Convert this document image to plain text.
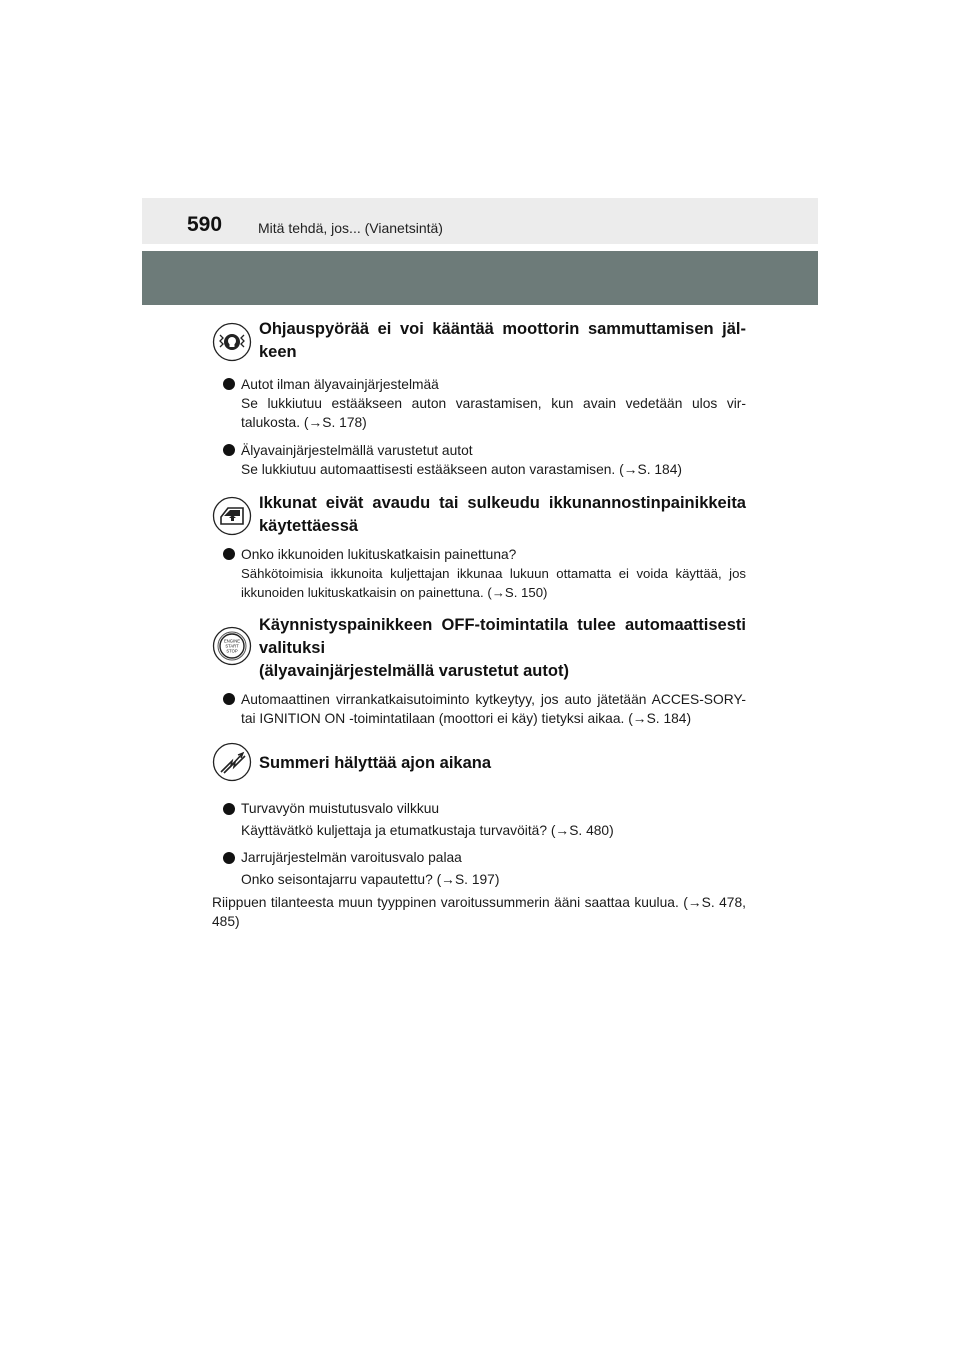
590	Mitä tehdä, jos... (Vianetsintä)

Ohjauspyörää ei voi kääntää moottorin sammuttamisen jäl-keen

Autot ilman älyavainjärjestelmää
Se lukkiutuu estääkseen auton varastamisen, kun avain vedetään ulos vir-talukosta. (→S. 178)
Älyavainjärjestelmällä varustetut autot
Se lukkiutuu automaattisesti estääkseen auton varastamisen. (→S. 184)

Ikkunat eivät avaudu tai sulkeudu ikkunannostinpainikkeita käytettäessä

Onko ikkunoiden lukituskatkaisin painettuna?
Sähkötoimisia ikkunoita kuljettajan ikkunaa lukuun ottamatta ei voida käyttää, jos ikkunoiden lukituskatkaisin on painettuna. (→S. 150)
ENGINE
START
STOP

Käynnistyspainikkeen OFF-toimintatila tulee automaattisesti valituksi

(älyavainjärjestelmällä varustetut autot)

Automaattinen virrankatkaisutoiminto kytkeytyy, jos auto jätetään ACCES-SORY- tai IGNITION ON -toimintatilaan (moottori ei käy) tietyksi aikaa. (→S. 184)

Summeri hälyttää ajon aikana

Turvavyön muistutusvalo vilkkuu
Käyttävätkö kuljettaja ja etumatkustaja turvavöitä? (→S. 480)
Jarrujärjestelmän varoitusvalo palaa
Onko seisontajarru vapautettu? (→S. 197)
Riippuen tilanteesta muun tyyppinen varoitussummerin ääni saattaa kuulua. (→S. 478, 485)
